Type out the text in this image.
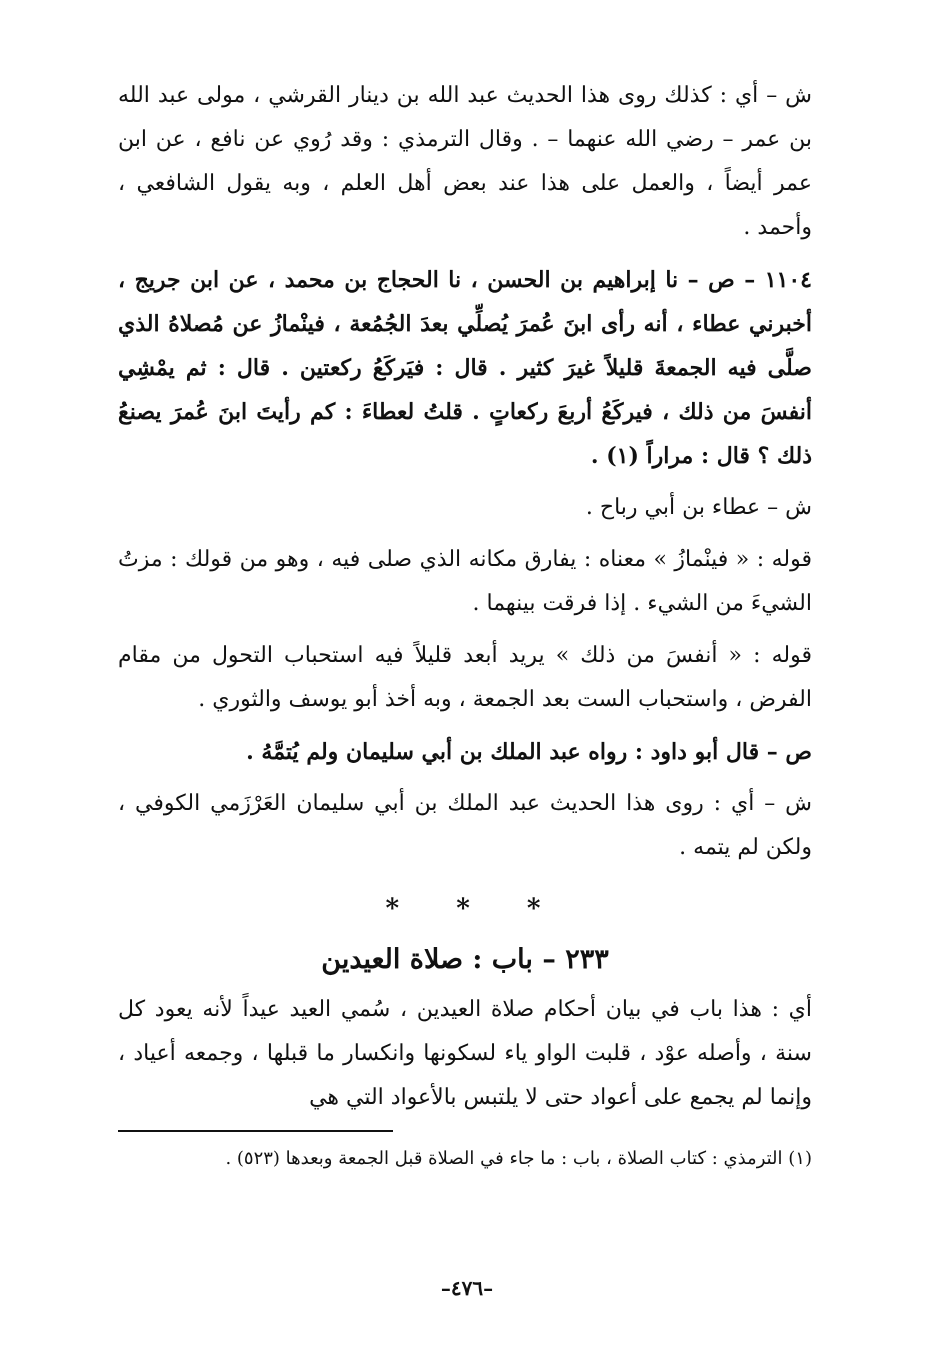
ش – أي : كذلك روى هذا الحديث عبد الله بن دينار القرشي ، مولى عبد الله بن عمر – رضي الله عنهما – . وقال الترمذي : وقد رُوي عن نافع ، عن ابن عمر أيضاً ، والعمل على هذا عند بعض أهل العلم ، وبه يقول الشافعي ، وأحمد .

١١٠٤ – ص – نا إبراهيم بن الحسن ، نا الحجاج بن محمد ، عن ابن جريج ، أخبرني عطاء ، أنه رأى ابنَ عُمرَ يُصلِّي بعدَ الجُمُعة ، فينْمازُ عن مُصلاهُ الذي صلَّى فيه الجمعةَ قليلاً غيرَ كثير . قال : فيَركَعُ ركعتين . قال : ثم يمْشِي أنفسَ من ذلك ، فيركَعُ أربعَ ركعاتٍ . قلتُ لعطاءَ : كم رأيتَ ابنَ عُمرَ يصنعُ ذلك ؟ قال : مراراً (١) .

ش – عطاء بن أبي رباح .

قوله : « فينْمازُ » معناه : يفارق مكانه الذي صلى فيه ، وهو من قولك : مزتُ الشيءَ من الشيء . إذا فرقت بينهما .

قوله : « أنفسَ من ذلك » يريد أبعد قليلاً فيه استحباب التحول من مقام الفرض ، واستحباب الست بعد الجمعة ، وبه أخذ أبو يوسف والثوري .

ص – قال أبو داود : رواه عبد الملك بن أبي سليمان ولم يُتمَّهُ .

ش – أي : روى هذا الحديث عبد الملك بن أبي سليمان العَرْزَمي الكوفي ، ولكن لم يتمه .

* * *
٢٣٣ – باب : صلاة العيدين

أي : هذا باب في بيان أحكام صلاة العيدين ، سُمي العيد عيداً لأنه يعود كل سنة ، وأصله عوْد ، قلبت الواو ياء لسكونها وانكسار ما قبلها ، وجمعه أعياد ، وإنما لم يجمع على أعواد حتى لا يلتبس بالأعواد التي هي

(١) الترمذي : كتاب الصلاة ، باب : ما جاء في الصلاة قبل الجمعة وبعدها (٥٢٣) .

–٤٧٦–
